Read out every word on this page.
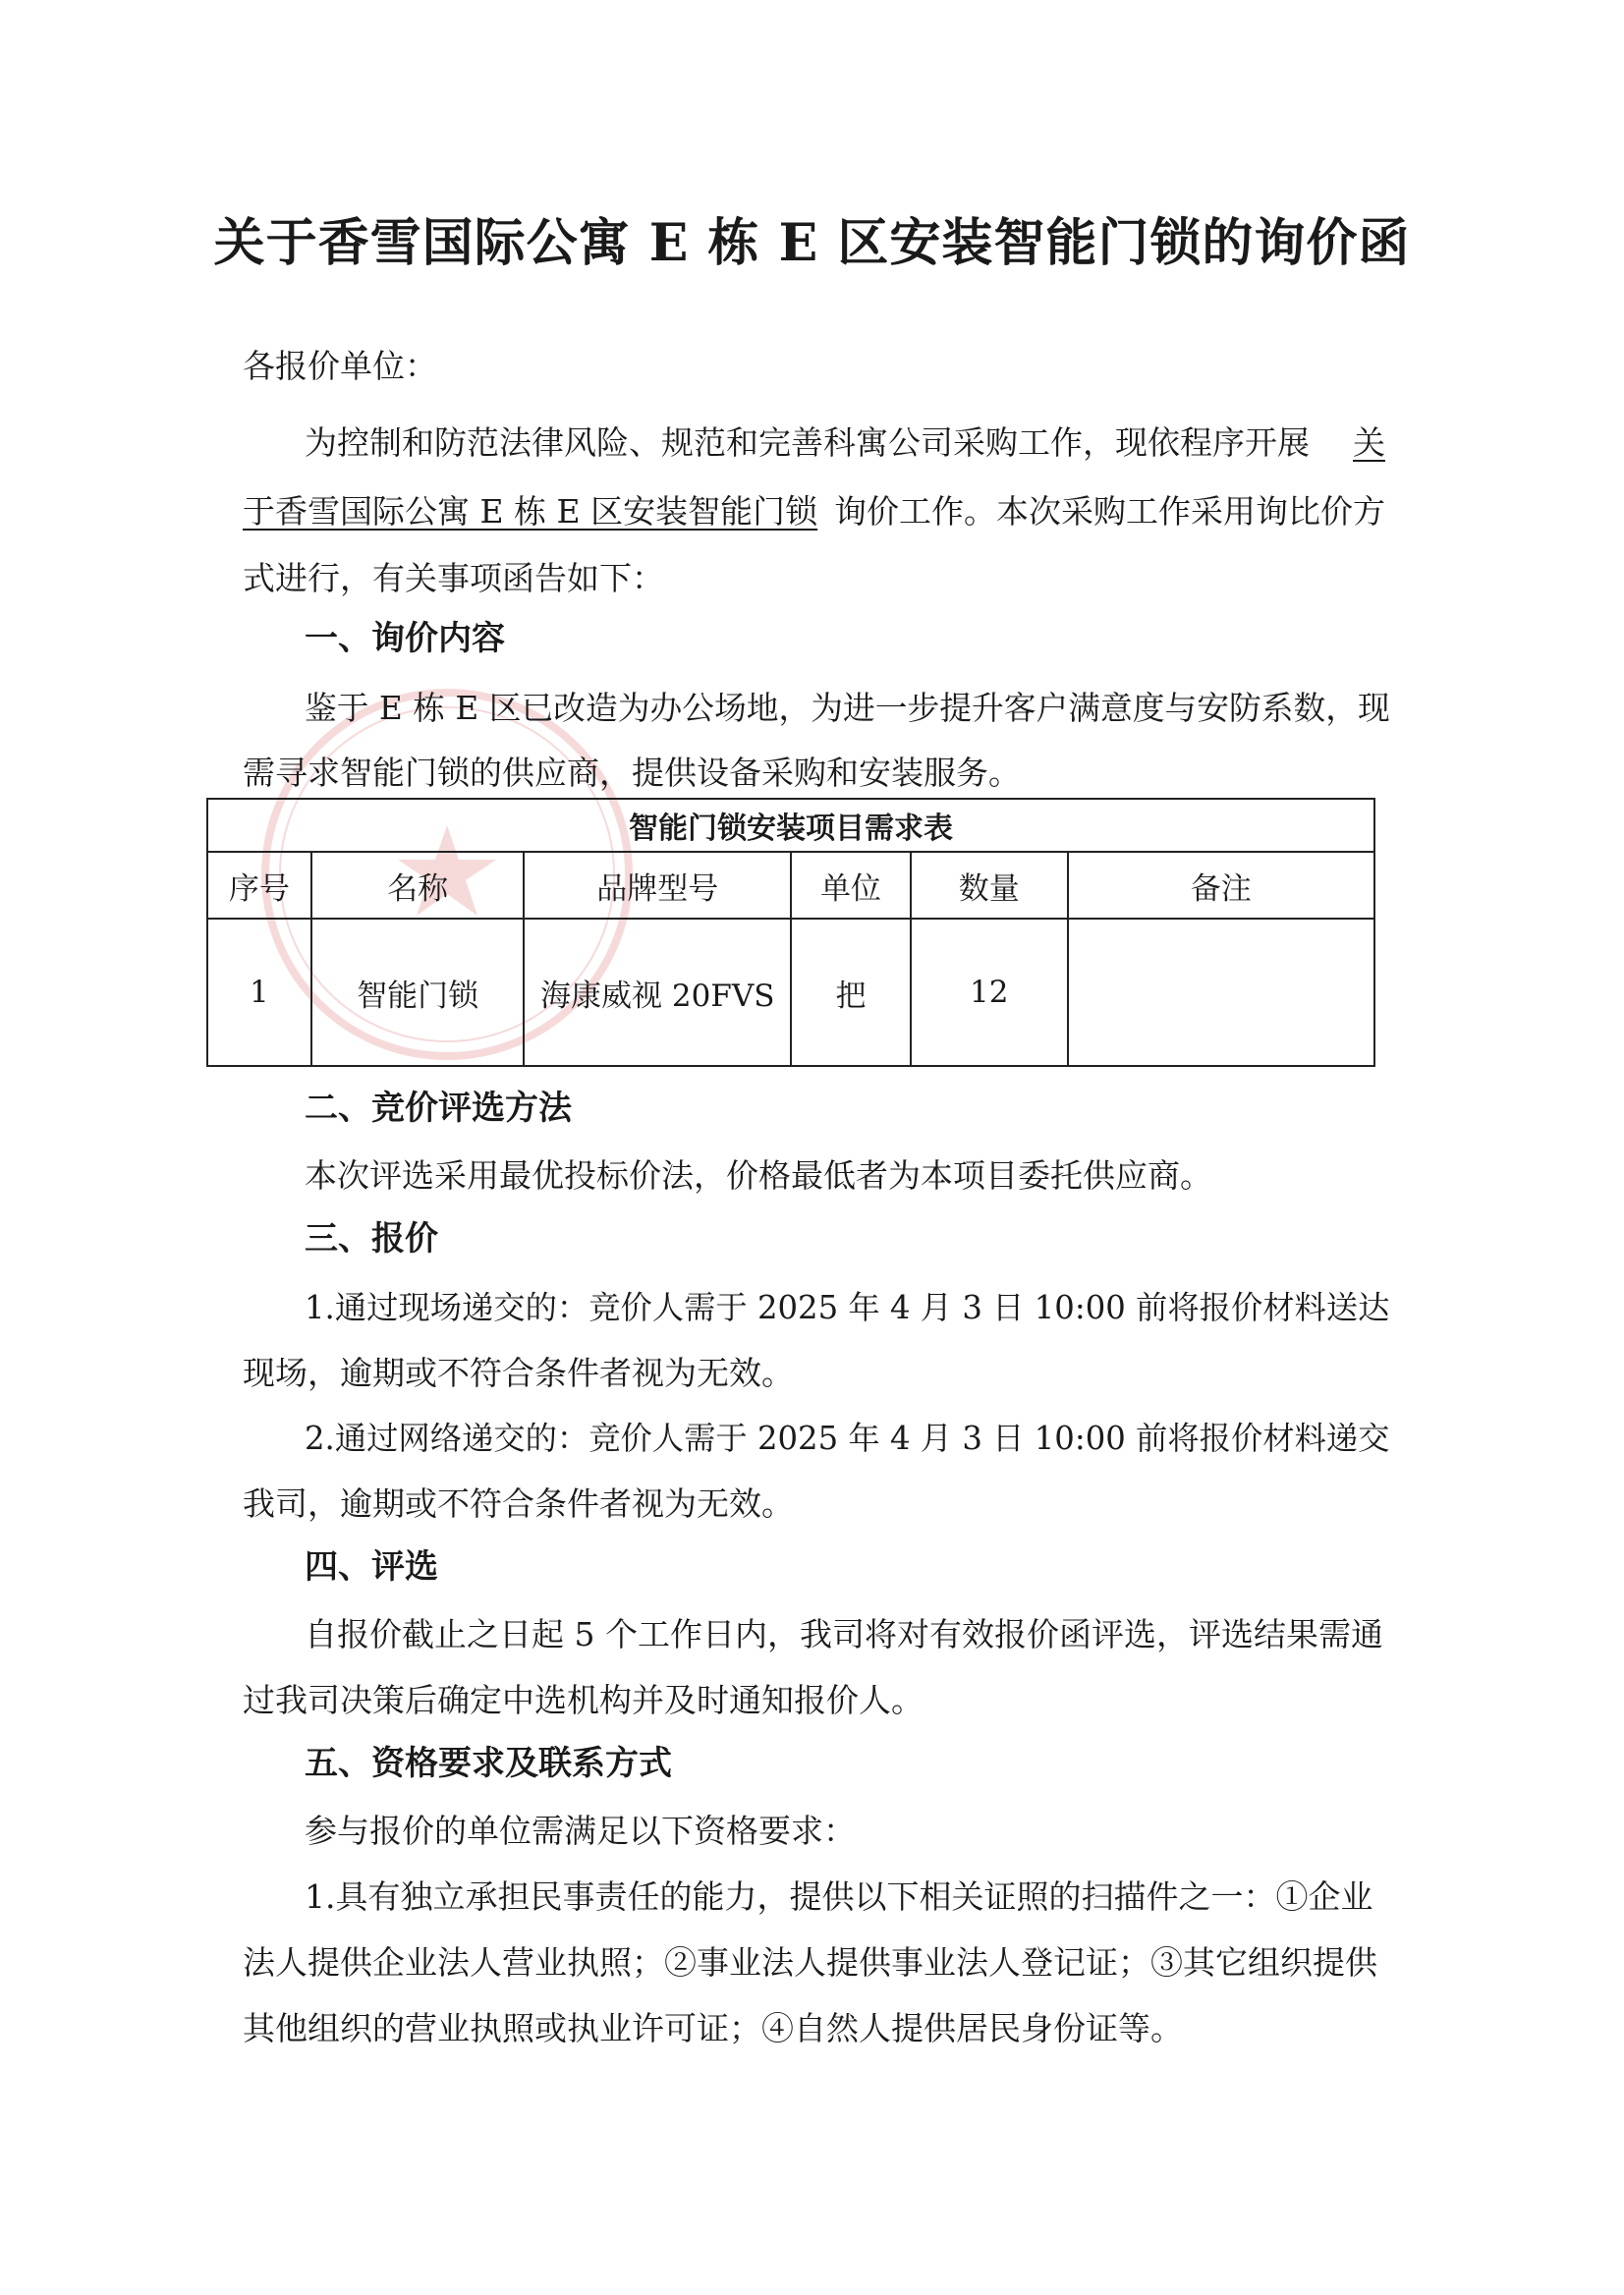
关于香雪国际公寓 E 栋 E 区安装智能门锁的询价函
各报价单位：
为控制和防范法律风险、规范和完善科寓公司采购工作，现依程序开展 关
于香雪国际公寓 E 栋 E 区安装智能门锁 询价工作。本次采购工作采用询比价方
式进行，有关事项函告如下：
一、询价内容
鉴于 E 栋 E 区已改造为办公场地，为进一步提升客户满意度与安防系数，现
需寻求智能门锁的供应商，提供设备采购和安装服务。
智能门锁安装项目需求表					
序号	名称	品牌型号	单位	数量	备注
1	智能门锁	海康威视 20FVS	把	12	
二、竞价评选方法
本次评选采用最优投标价法，价格最低者为本项目委托供应商。
三、报价
1.通过现场递交的：竞价人需于 2025 年 4 月 3 日 10:00 前将报价材料送达
现场，逾期或不符合条件者视为无效。
2.通过网络递交的：竞价人需于 2025 年 4 月 3 日 10:00 前将报价材料递交
我司，逾期或不符合条件者视为无效。
四、评选
自报价截止之日起 5 个工作日内，我司将对有效报价函评选，评选结果需通
过我司决策后确定中选机构并及时通知报价人。
五、资格要求及联系方式
参与报价的单位需满足以下资格要求：
1.具有独立承担民事责任的能力，提供以下相关证照的扫描件之一：①企业
法人提供企业法人营业执照；②事业法人提供事业法人登记证；③其它组织提供
其他组织的营业执照或执业许可证；④自然人提供居民身份证等。
